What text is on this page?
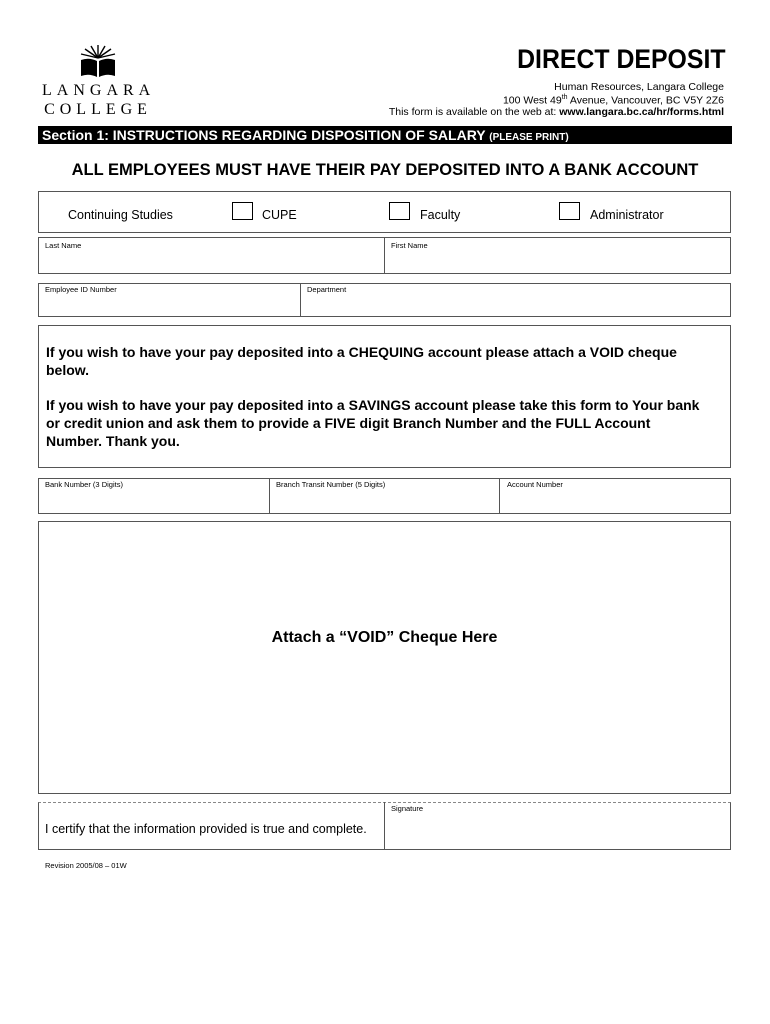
LANGARA
COLLEGE
DIRECT DEPOSIT
Human Resources, Langara College
100 West 49th Avenue, Vancouver, BC V5Y 2Z6
This form is available on the web at: www.langara.bc.ca/hr/forms.html
Section 1: INSTRUCTIONS REGARDING DISPOSITION OF SALARY (PLEASE PRINT)
ALL EMPLOYEES MUST HAVE THEIR PAY DEPOSITED INTO A BANK ACCOUNT
Continuing Studies	CUPE	Faculty	Administrator
Last Name	First Name
Employee ID Number	Department
If you wish to have your pay deposited into a CHEQUING account please attach a VOID cheque below.
If you wish to have your pay deposited into a SAVINGS account please take this form to Your bank or credit union and ask them to provide a FIVE digit Branch Number and the FULL Account Number. Thank you.
Bank Number (3 Digits)	Branch Transit Number (5 Digits)	Account Number
Attach a “VOID” Cheque Here
I certify that the information provided is true and complete.
Signature
Revision 2005/08 – 01W
